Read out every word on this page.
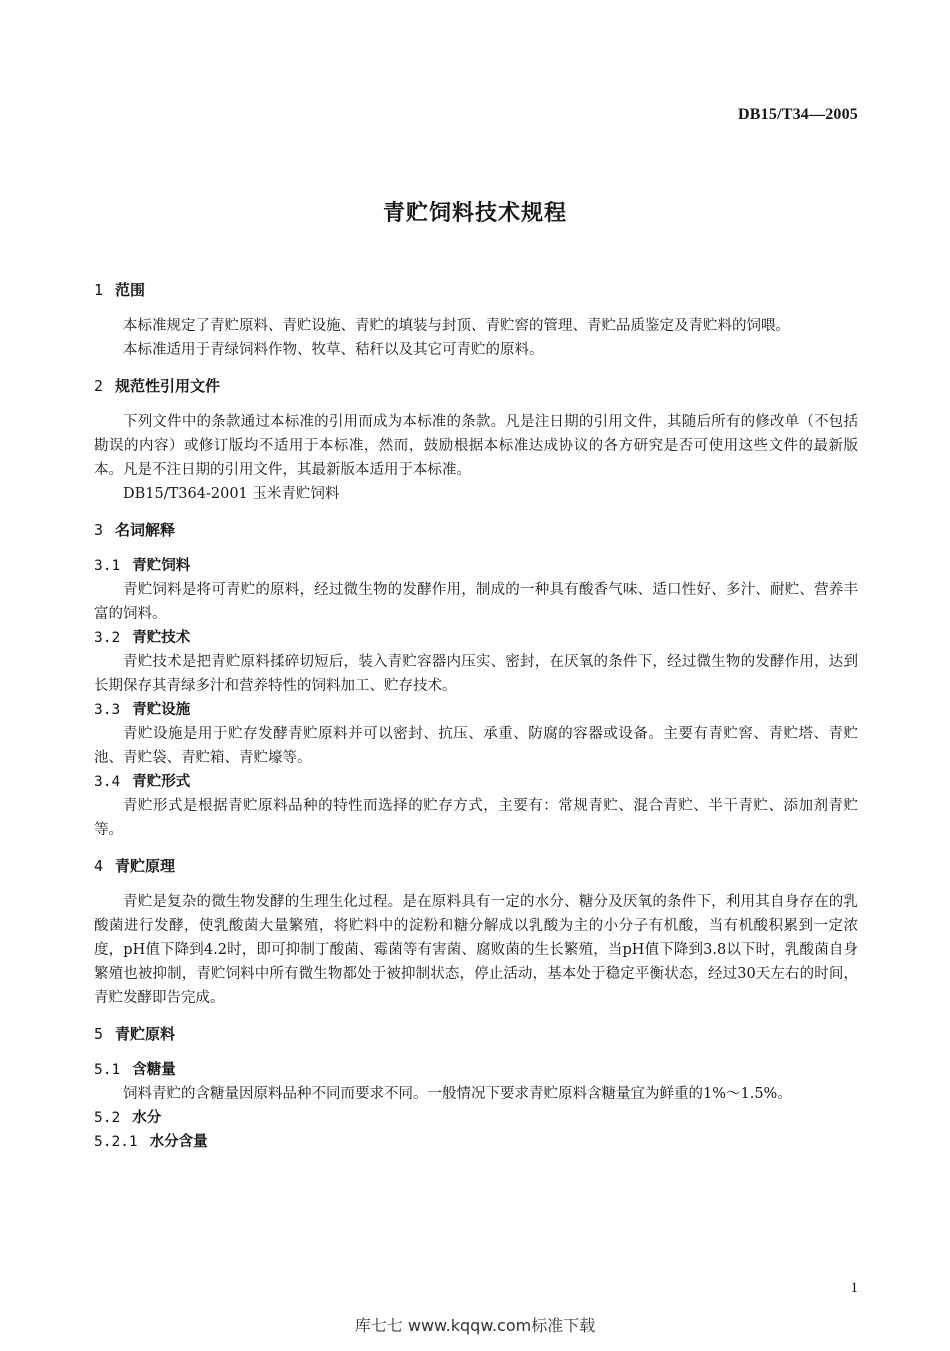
DB15/T34—2005
青贮饲料技术规程
1 范围

本标准规定了青贮原料、青贮设施、青贮的填装与封顶、青贮窖的管理、青贮品质鉴定及青贮料的饲喂。

本标准适用于青绿饲料作物、牧草、秸秆以及其它可青贮的原料。

2 规范性引用文件

下列文件中的条款通过本标准的引用而成为本标准的条款。凡是注日期的引用文件，其随后所有的修改单（不包括勘误的内容）或修订版均不适用于本标准，然而，鼓励根据本标准达成协议的各方研究是否可使用这些文件的最新版本。凡是不注日期的引用文件，其最新版本适用于本标准。

DB15/T364-2001 玉米青贮饲料

3 名词解释
3.1 青贮饲料

青贮饲料是将可青贮的原料，经过微生物的发酵作用，制成的一种具有酸香气味、适口性好、多汁、耐贮、营养丰富的饲料。

3.2 青贮技术

青贮技术是把青贮原料揉碎切短后，装入青贮容器内压实、密封，在厌氧的条件下，经过微生物的发酵作用，达到长期保存其青绿多汁和营养特性的饲料加工、贮存技术。

3.3 青贮设施

青贮设施是用于贮存发酵青贮原料并可以密封、抗压、承重、防腐的容器或设备。主要有青贮窖、青贮塔、青贮池、青贮袋、青贮箱、青贮壕等。

3.4 青贮形式

青贮形式是根据青贮原料品种的特性而选择的贮存方式，主要有：常规青贮、混合青贮、半干青贮、添加剂青贮等。

4 青贮原理

青贮是复杂的微生物发酵的生理生化过程。是在原料具有一定的水分、糖分及厌氧的条件下，利用其自身存在的乳酸菌进行发酵，使乳酸菌大量繁殖，将贮料中的淀粉和糖分解成以乳酸为主的小分子有机酸，当有机酸积累到一定浓度，pH值下降到4.2时，即可抑制丁酸菌、霉菌等有害菌、腐败菌的生长繁殖，当pH值下降到3.8以下时，乳酸菌自身繁殖也被抑制，青贮饲料中所有微生物都处于被抑制状态，停止活动，基本处于稳定平衡状态，经过30天左右的时间，青贮发酵即告完成。

5 青贮原料
5.1 含糖量

饲料青贮的含糖量因原料品种不同而要求不同。一般情况下要求青贮原料含糖量宜为鲜重的1%～1.5%。

5.2 水分
5.2.1 水分含量
1
库七七 www.kqqw.com标准下载
